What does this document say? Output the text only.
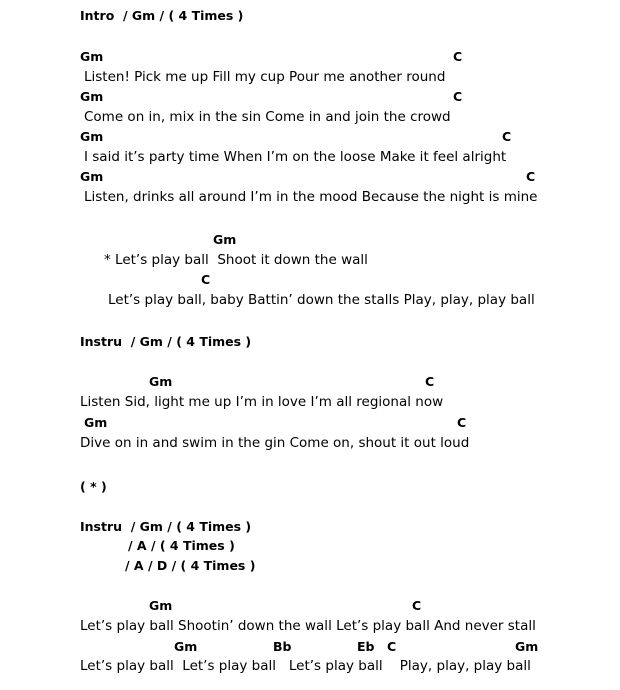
Intro  / Gm / ( 4 Times )
Gm	C
Listen! Pick me up Fill my cup Pour me another round
Gm	C
Come on in, mix in the sin Come in and join the crowd
Gm	C
I said it’s party time When I’m on the loose Make it feel alright
Gm	C
Listen, drinks all around I’m in the mood Because the night is mine
Gm
* Let’s play ball  Shoot it down the wall
C
Let’s play ball, baby Battin’ down the stalls Play, play, play ball
Instru  / Gm / ( 4 Times )
Gm	C
Listen Sid, light me up I’m in love I’m all regional now
Gm	C
Dive on in and swim in the gin Come on, shout it out loud
( * )
Instru  / Gm / ( 4 Times )
/ A / ( 4 Times )
/ A / D / ( 4 Times )
Gm	C
Let’s play ball Shootin’ down the wall Let’s play ball And never stall
Gm	Bb	Eb C	Gm
Let’s play ball  Let’s play ball   Let’s play ball    Play, play, play ball
